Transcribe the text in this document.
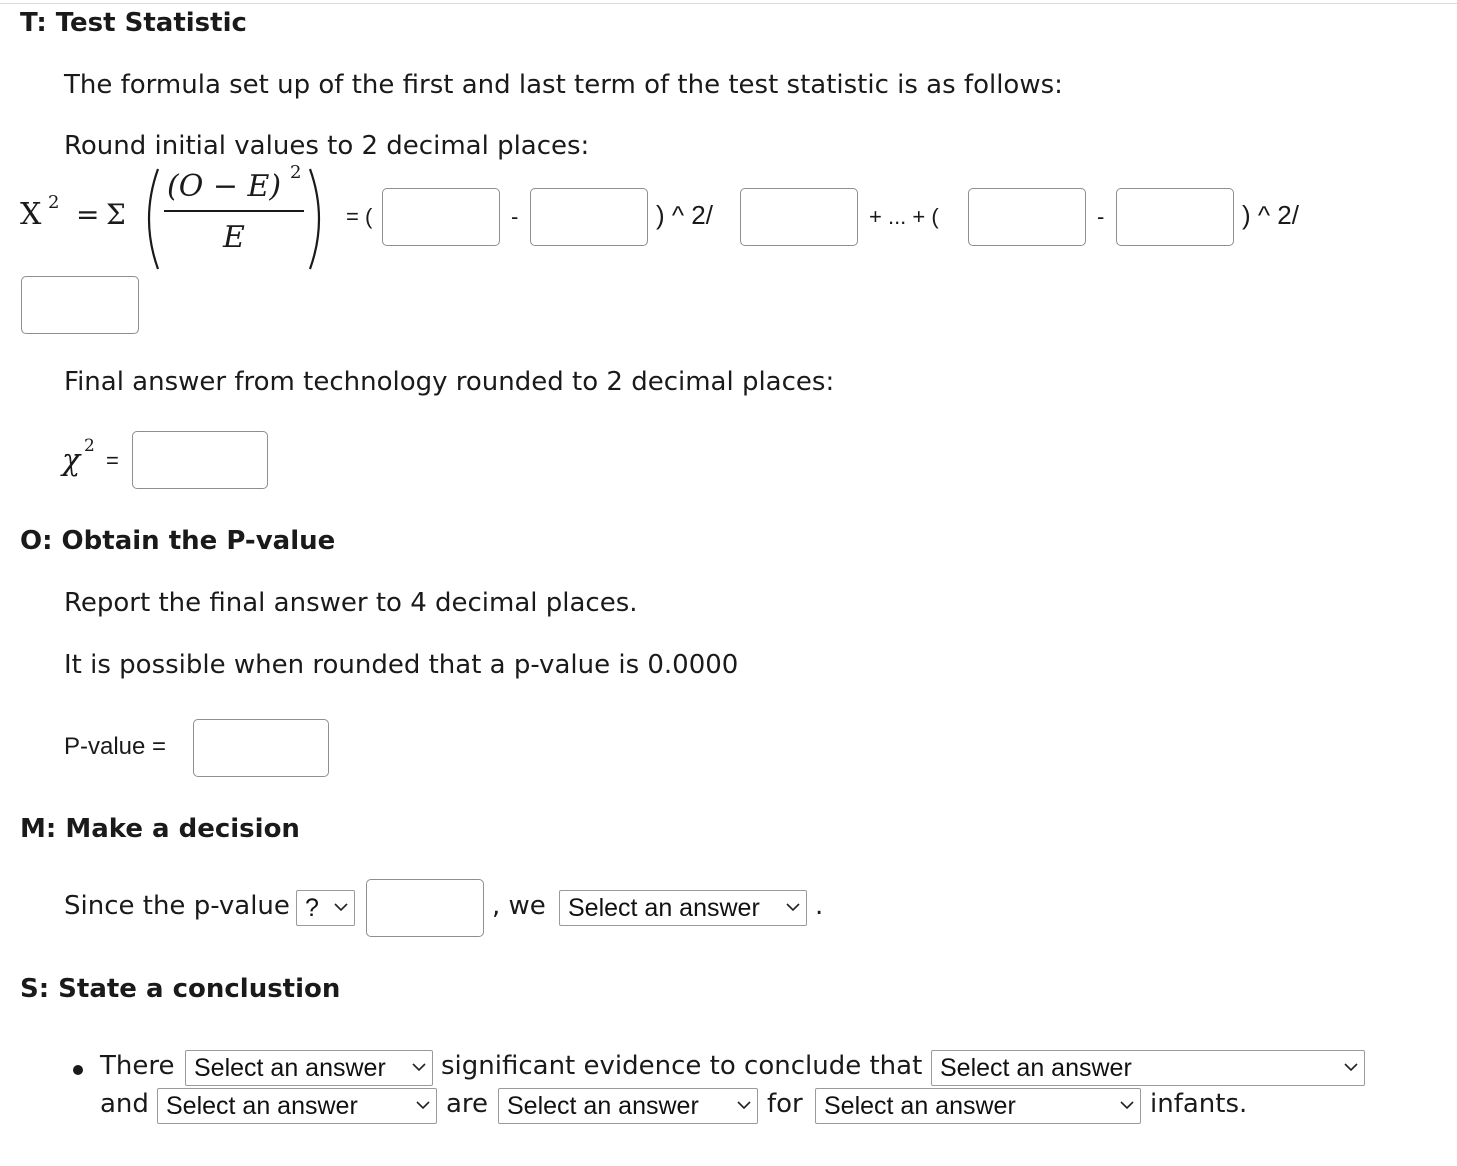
T: Test Statistic
The formula set up of the first and last term of the test statistic is as follows:
Round initial values to 2 decimal places:
X 2 = Σ
(O − E) 2
E
= (	-	) ^ 2/	+ ... + (	-	) ^ 2/
Final answer from technology rounded to 2 decimal places:
χ 2
=
O: Obtain the P-value
Report the final answer to 4 decimal places.
It is possible when rounded that a p-value is 0.0000
P-value =
M: Make a decision
Since the p-value ?	, we Select an answer	.
S: State a conclustion
There Select an answer	significant evidence to conclude that Select an answer
and Select an answer	are Select an answer	for Select an answer	infants.
